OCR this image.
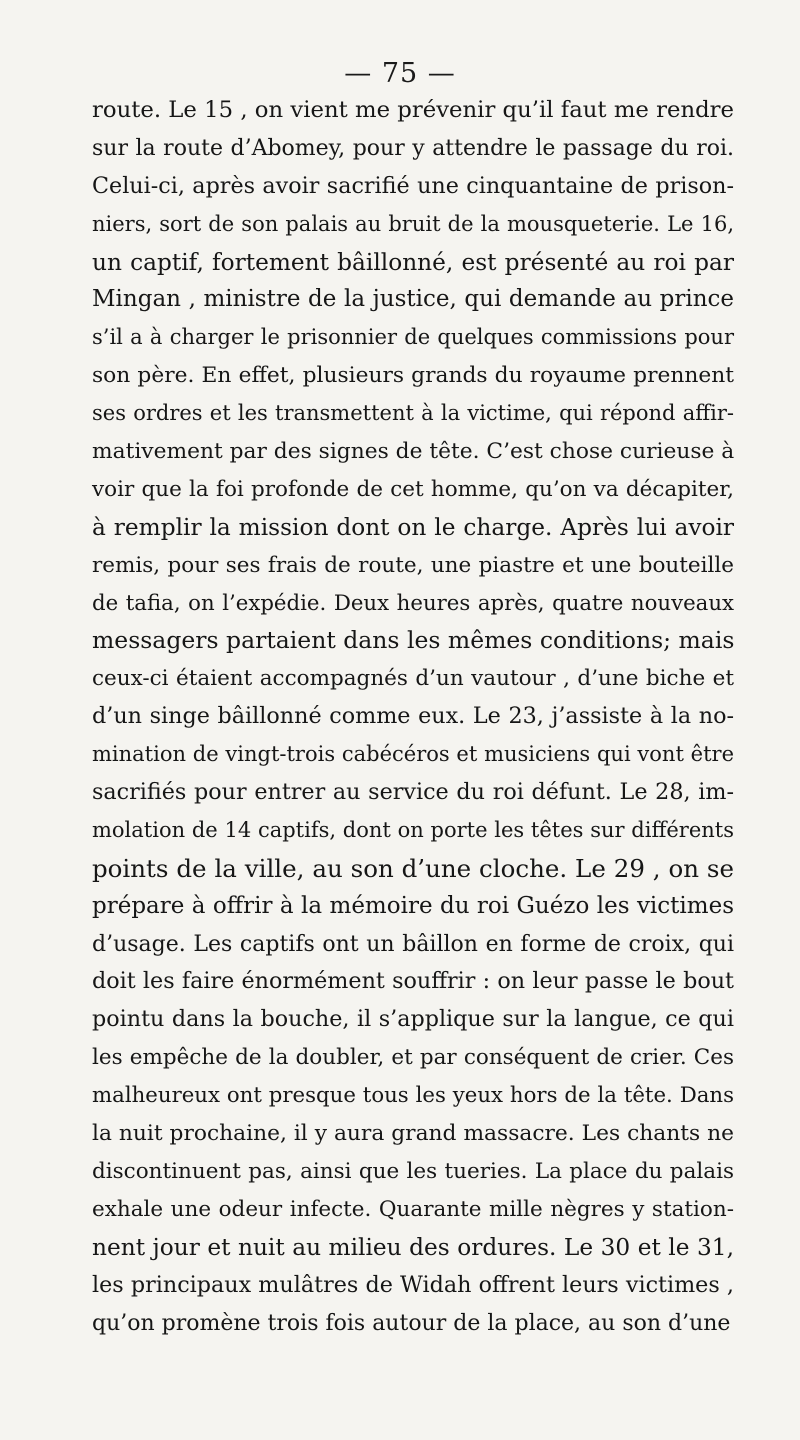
— 75 —
route. Le 15 , on vient me prévenir qu’il faut me rendre
sur la route d’Abomey, pour y attendre le passage du roi.
Celui-ci, après avoir sacrifié une cinquantaine de prison-
niers, sort de son palais au bruit de la mousqueterie. Le 16,
un captif, fortement bâillonné, est présenté au roi par
Mingan , ministre de la justice, qui demande au prince
s’il a à charger le prisonnier de quelques commissions pour
son père. En effet, plusieurs grands du royaume prennent
ses ordres et les transmettent à la victime, qui répond affir-
mativement par des signes de tête. C’est chose curieuse à
voir que la foi profonde de cet homme, qu’on va décapiter,
à remplir la mission dont on le charge. Après lui avoir
remis, pour ses frais de route, une piastre et une bouteille
de tafia, on l’expédie. Deux heures après, quatre nouveaux
messagers partaient dans les mêmes conditions; mais
ceux-ci étaient accompagnés d’un vautour , d’une biche et
d’un singe bâillonné comme eux. Le 23, j’assiste à la no-
mination de vingt-trois cabécéros et musiciens qui vont être
sacrifiés pour entrer au service du roi défunt. Le 28, im-
molation de 14 captifs, dont on porte les têtes sur différents
points de la ville, au son d’une cloche. Le 29 , on se
prépare à offrir à la mémoire du roi Guézo les victimes
d’usage. Les captifs ont un bâillon en forme de croix, qui
doit les faire énormément souffrir : on leur passe le bout
pointu dans la bouche, il s’applique sur la langue, ce qui
les empêche de la doubler, et par conséquent de crier. Ces
malheureux ont presque tous les yeux hors de la tête. Dans
la nuit prochaine, il y aura grand massacre. Les chants ne
discontinuent pas, ainsi que les tueries. La place du palais
exhale une odeur infecte. Quarante mille nègres y station-
nent jour et nuit au milieu des ordures. Le 30 et le 31,
les principaux mulâtres de Widah offrent leurs victimes ,
qu’on promène trois fois autour de la place, au son d’une
